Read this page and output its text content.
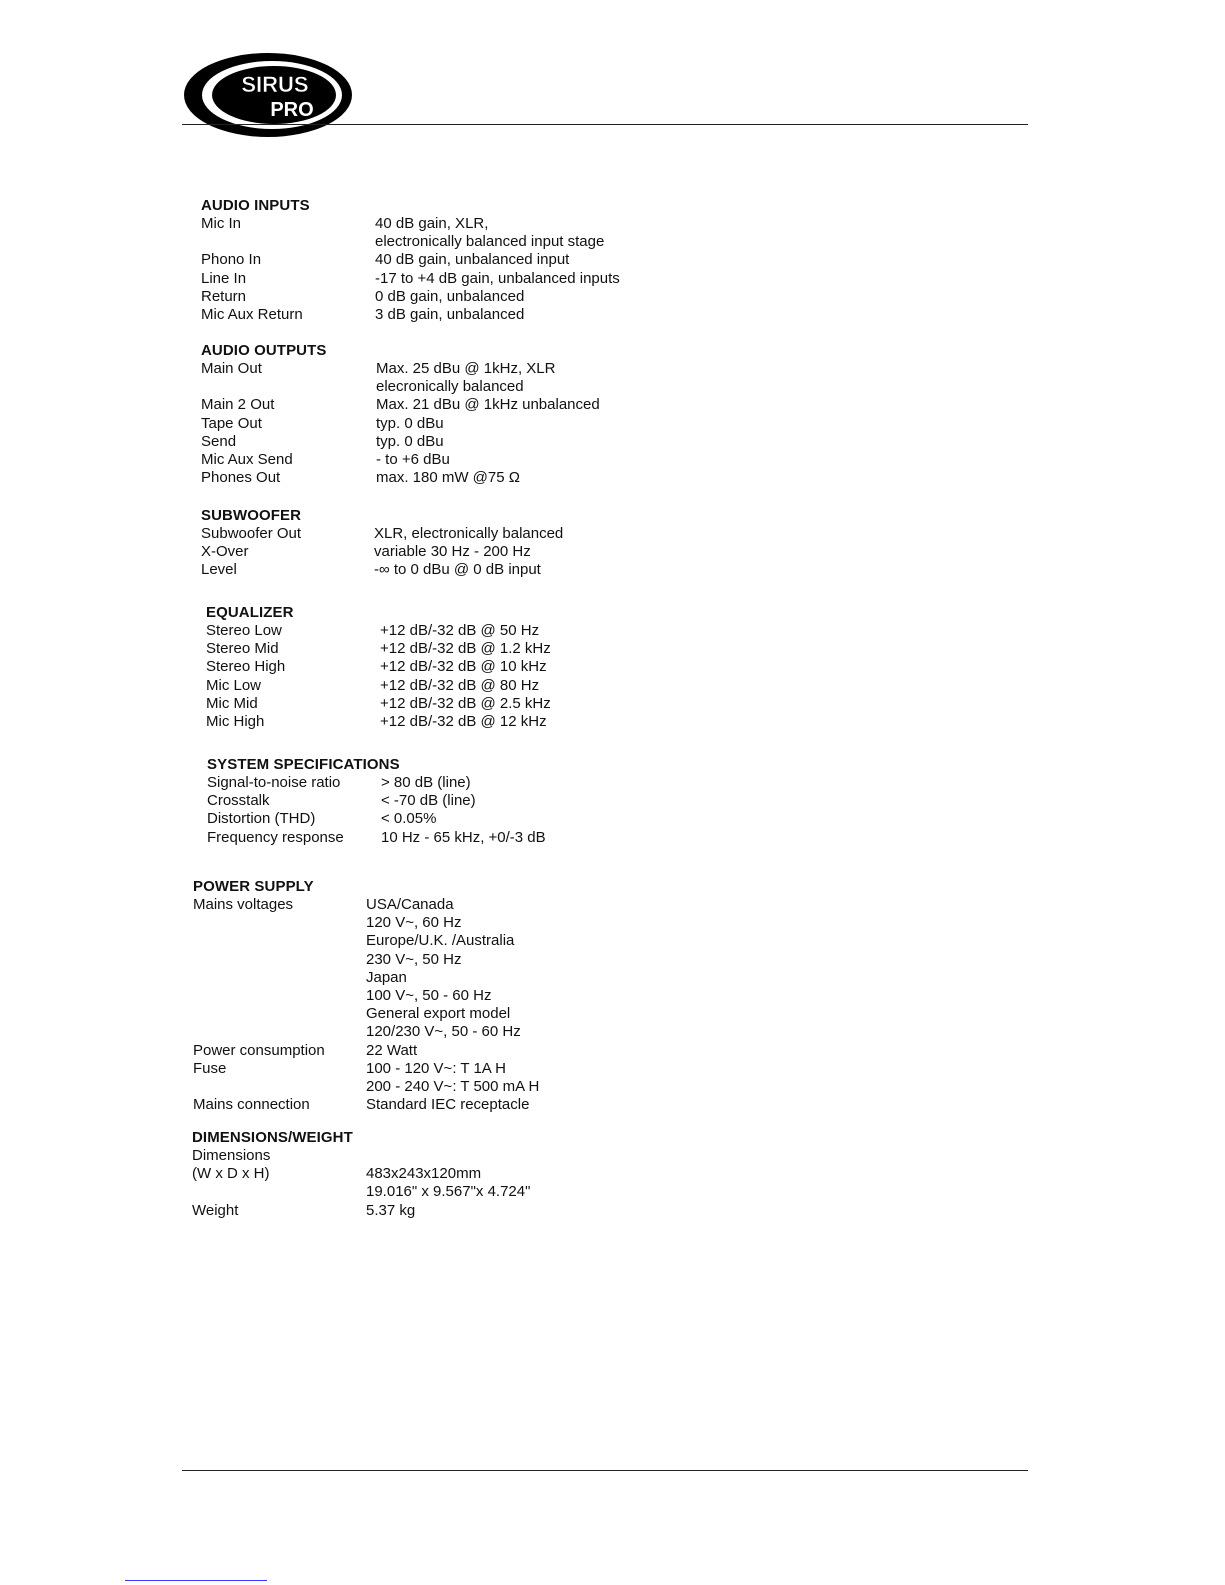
SIRUS
PRO
AUDIO INPUTS
Mic In	40 dB gain, XLR,
electronically balanced input stage
Phono In	40 dB gain, unbalanced input
Line In	-17 to +4 dB gain, unbalanced inputs
Return	0 dB gain, unbalanced
Mic Aux Return	3 dB gain, unbalanced
AUDIO OUTPUTS
Main Out	Max. 25 dBu @ 1kHz, XLR
elecronically balanced
Main 2 Out	Max. 21 dBu @ 1kHz unbalanced
Tape Out	typ. 0 dBu
Send	typ. 0 dBu
Mic Aux Send	- to +6 dBu
Phones Out	max. 180 mW @75 Ω
SUBWOOFER
Subwoofer Out	XLR, electronically balanced
X-Over	variable 30 Hz - 200 Hz
Level	-∞ to 0 dBu @ 0 dB input
EQUALIZER
Stereo Low	+12 dB/-32 dB @ 50 Hz
Stereo Mid	+12 dB/-32 dB @ 1.2 kHz
Stereo High	+12 dB/-32 dB @ 10 kHz
Mic Low	+12 dB/-32 dB @ 80 Hz
Mic Mid	+12 dB/-32 dB @ 2.5 kHz
Mic High	+12 dB/-32 dB @ 12 kHz
SYSTEM SPECIFICATIONS
Signal-to-noise ratio	> 80 dB (line)
Crosstalk	< -70 dB (line)
Distortion (THD)	< 0.05%
Frequency response	10 Hz - 65 kHz, +0/-3 dB
POWER SUPPLY
Mains voltages	USA/Canada
120 V~, 60 Hz
Europe/U.K. /Australia
230 V~, 50 Hz
Japan
100 V~, 50 - 60 Hz
General export model
120/230 V~, 50 - 60 Hz
Power consumption	22 Watt
Fuse	100 - 120 V~: T 1A H
200 - 240 V~: T 500 mA H
Mains connection	Standard IEC receptacle
DIMENSIONS/WEIGHT
Dimensions
(W x D x H)	483x243x120mm
19.016" x 9.567"x 4.724"
Weight	5.37 kg
